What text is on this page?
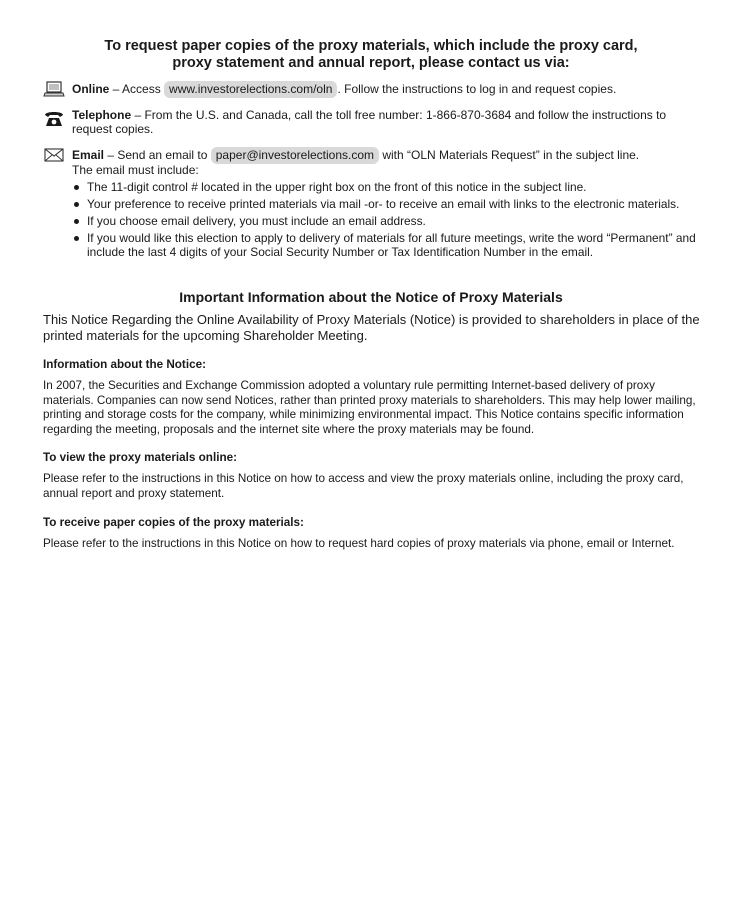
To request paper copies of the proxy materials, which include the proxy card,
proxy statement and annual report, please contact us via:
Online – Access www.investorelections.com/oln . Follow the instructions to log in and request copies.
Telephone – From the U.S. and Canada, call the toll free number: 1-866-870-3684 and follow the instructions to request copies.
Email – Send an email to paper@investorelections.com with “OLN Materials Request” in the subject line.
The email must include:
The 11-digit control # located in the upper right box on the front of this notice in the subject line.
Your preference to receive printed materials via mail -or- to receive an email with links to the electronic materials.
If you choose email delivery, you must include an email address.
If you would like this election to apply to delivery of materials for all future meetings, write the word “Permanent” and include the last 4 digits of your Social Security Number or Tax Identification Number in the email.
Important Information about the Notice of Proxy Materials
This Notice Regarding the Online Availability of Proxy Materials (Notice) is provided to shareholders in place of the printed materials for the upcoming Shareholder Meeting.
Information about the Notice:
In 2007, the Securities and Exchange Commission adopted a voluntary rule permitting Internet-based delivery of proxy materials. Companies can now send Notices, rather than printed proxy materials to shareholders. This may help lower mailing, printing and storage costs for the company, while minimizing environmental impact. This Notice contains specific information regarding the meeting, proposals and the internet site where the proxy materials may be found.
To view the proxy materials online:
Please refer to the instructions in this Notice on how to access and view the proxy materials online, including the proxy card, annual report and proxy statement.
To receive paper copies of the proxy materials:
Please refer to the instructions in this Notice on how to request hard copies of proxy materials via phone, email or Internet.
